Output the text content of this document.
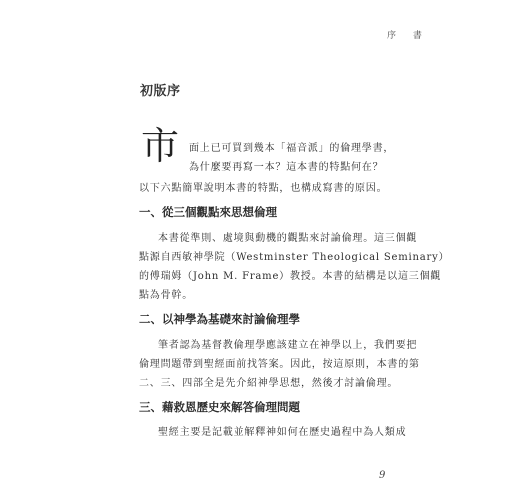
序 書
初版序
市 面上已可買到幾本「福音派」的倫理學書，
為什麼要再寫一本？這本書的特點何在？
以下六點簡單說明本書的特點，也構成寫書的原因。
一、從三個觀點來思想倫理
本書從準則、處境與動機的觀點來討論倫理。這三個觀
點源自西敏神學院（Westminster Theological Seminary）
的傅瑞姆（John M. Frame）教授。本書的結構是以這三個觀
點為骨幹。
二、以神學為基礎來討論倫理學
筆者認為基督教倫理學應該建立在神學以上，我們要把
倫理問題帶到聖經面前找答案。因此，按這原則，本書的第
二、三、四部全是先介紹神學思想，然後才討論倫理。
三、藉救恩歷史來解答倫理問題
聖經主要是記載並解釋神如何在歷史過程中為人類成
9
